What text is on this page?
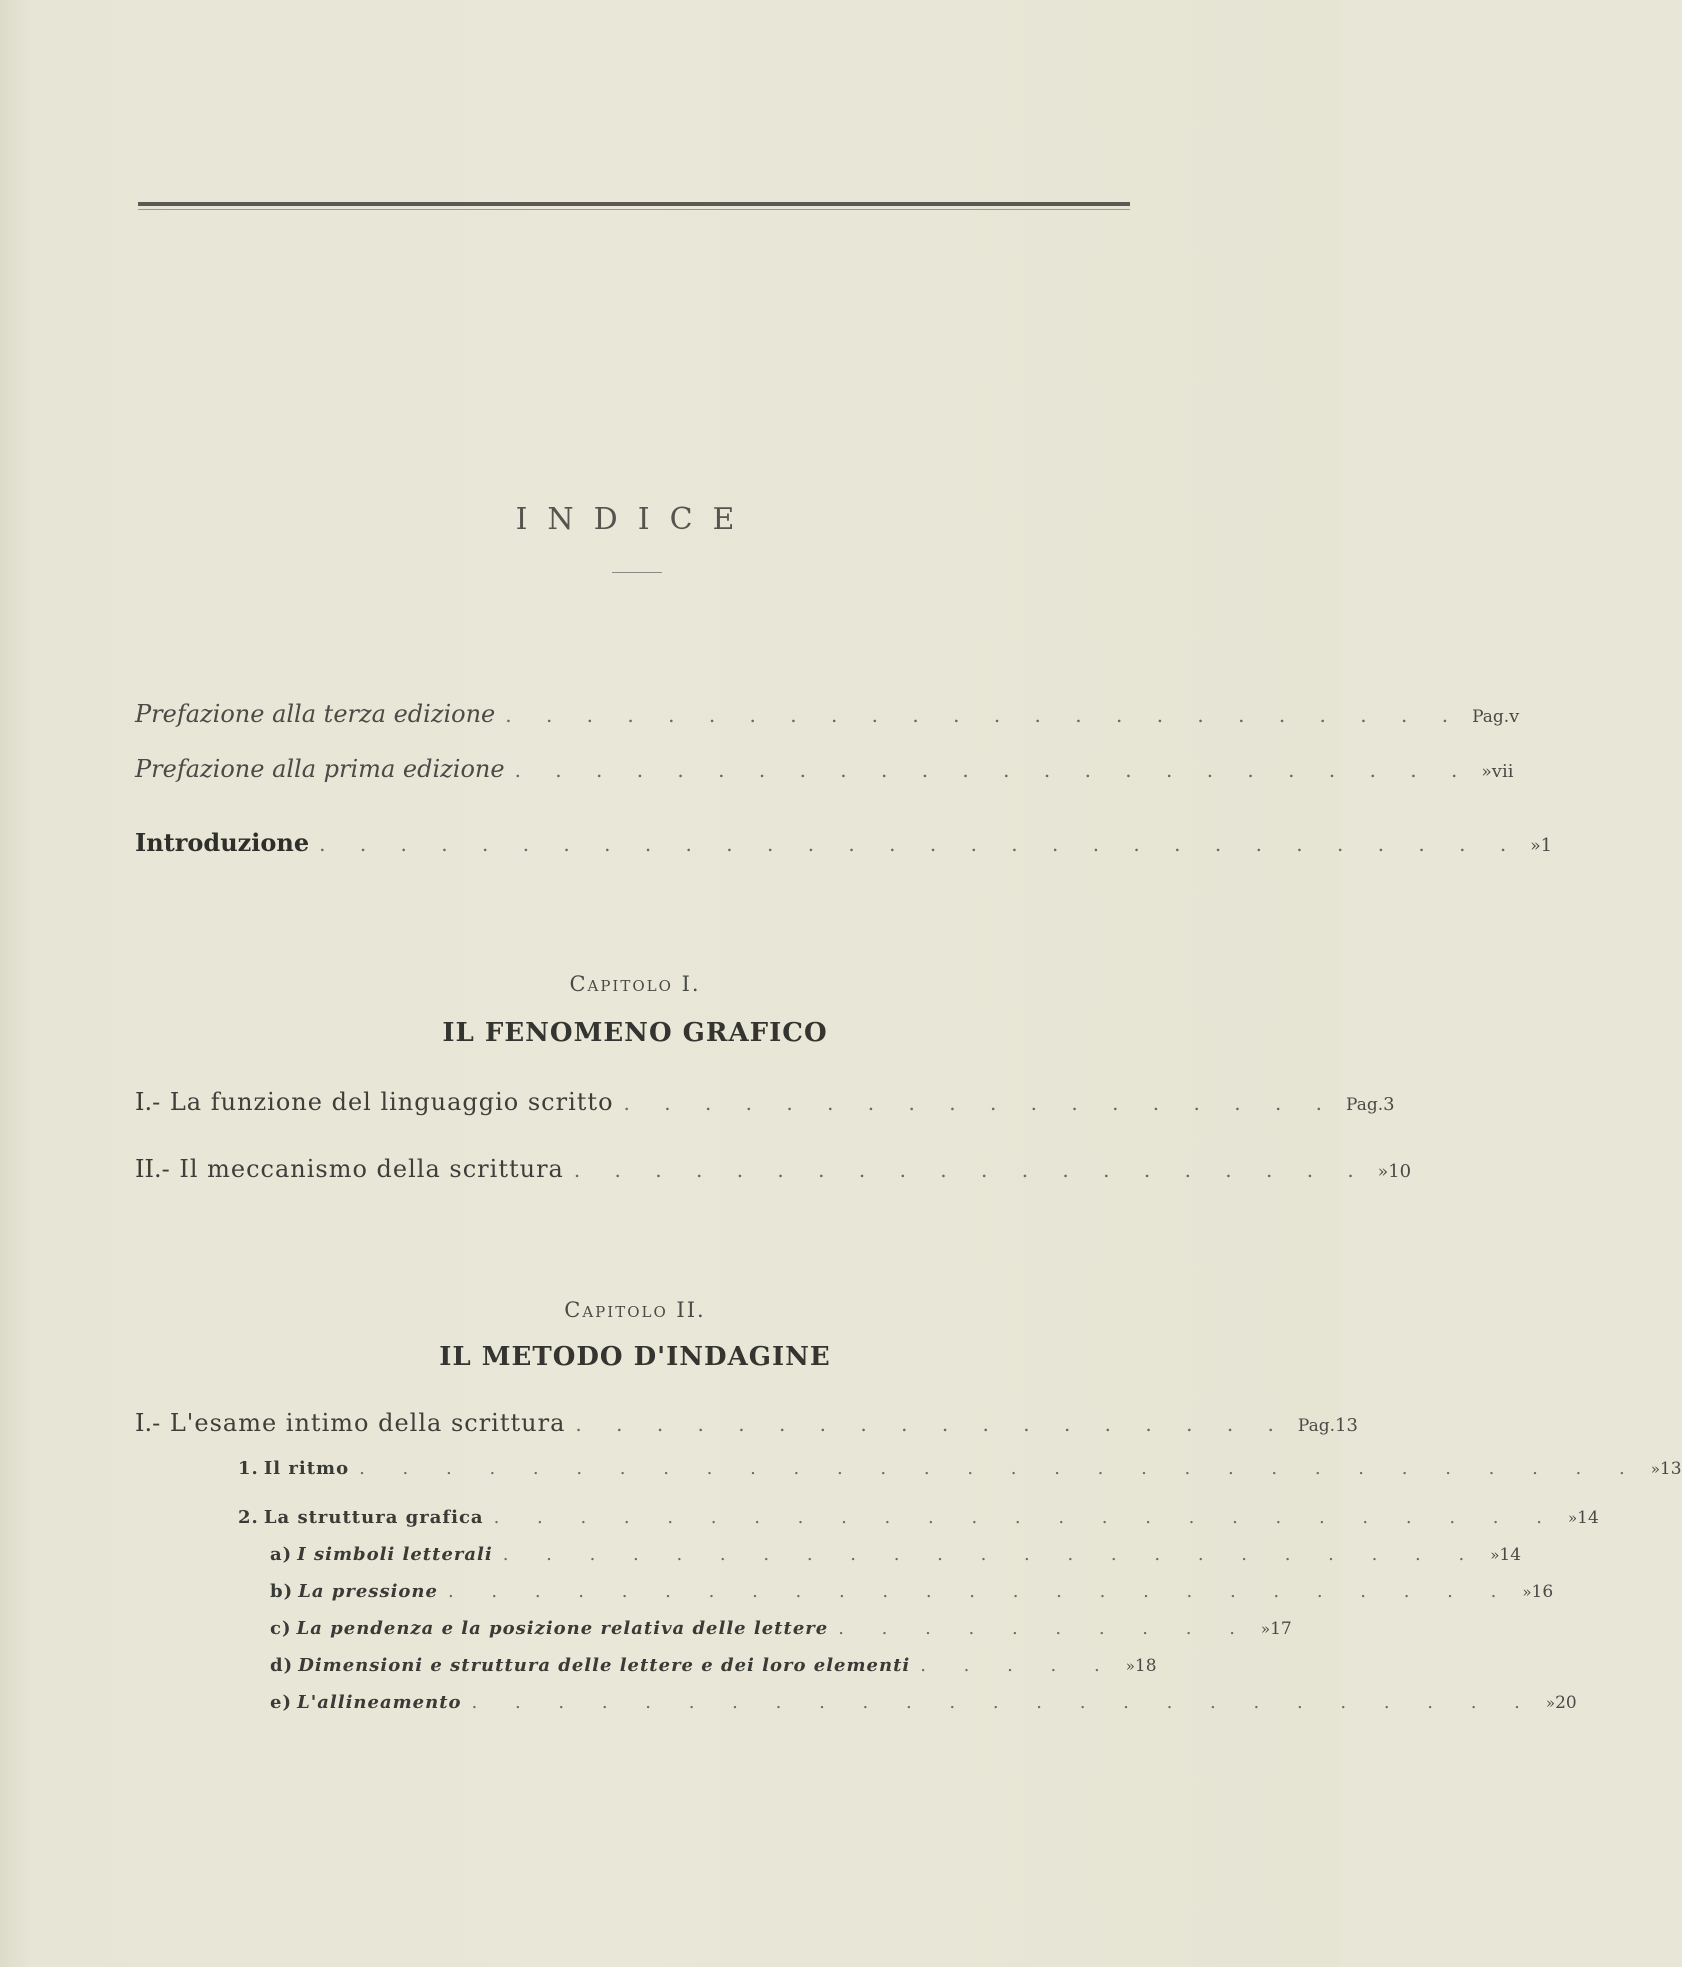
INDICE
Prefazione alla terza edizione . . . . . . . . . . . . . . . . . . . . . . . . Pag. v
Prefazione alla prima edizione . . . . . . . . . . . . . . . . . . . . . . . . » vii
Introduzione . . . . . . . . . . . . . . . . . . . . . . . . . . . . . . » 1
Capitolo I.
IL FENOMENO GRAFICO
I. - La funzione del linguaggio scritto . . . . . . . . . . . . . . . . . . Pag. 3
II. - Il meccanismo della scrittura . . . . . . . . . . . . . . . . . . . . » 10
Capitolo II.
IL METODO D'INDAGINE
I. - L'esame intimo della scrittura . . . . . . . . . . . . . . . . . . Pag. 13
1.
Il ritmo . . . . . . . . . . . . . . . . . . . . . . . . . . . . . . » 13
2.
La struttura grafica . . . . . . . . . . . . . . . . . . . . . . . . . » 14
a)
I simboli letterali . . . . . . . . . . . . . . . . . . . . . . . » 14
b)
La pressione . . . . . . . . . . . . . . . . . . . . . . . . . » 16
c)
La pendenza e la posizione relativa delle lettere . . . . . . . . . . » 17
d)
Dimensioni e struttura delle lettere e dei loro elementi . . . . . » 18
e)
L'allineamento . . . . . . . . . . . . . . . . . . . . . . . . . » 20
